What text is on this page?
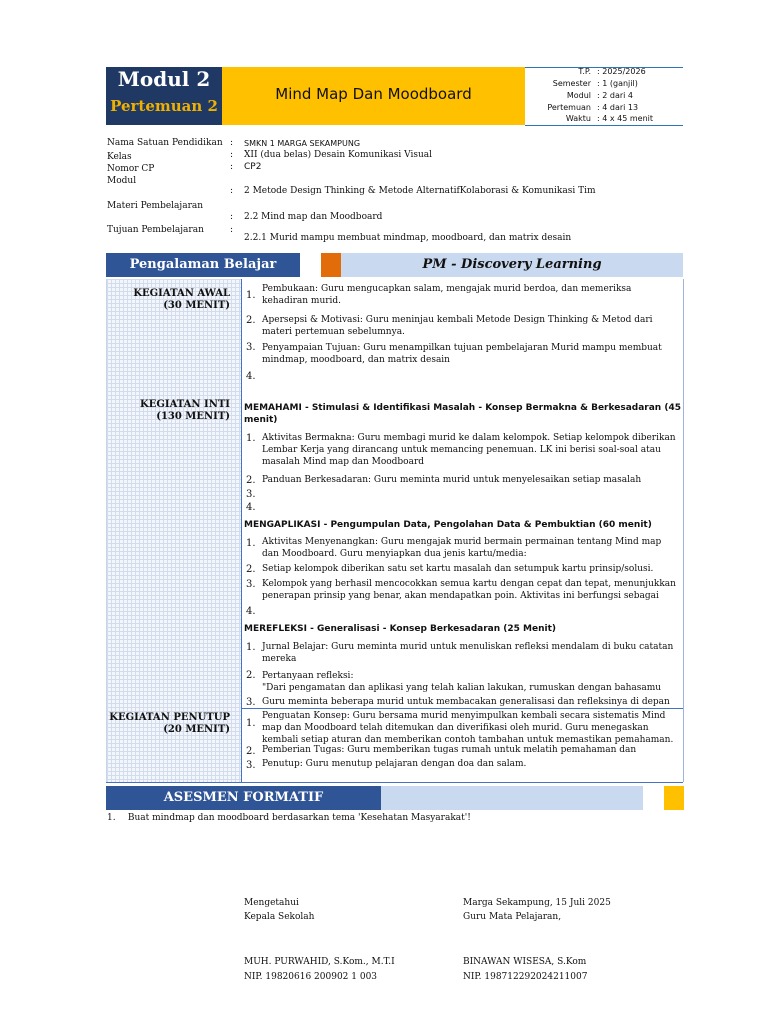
Modul 2
Pertemuan 2
Mind Map Dan Moodboard
T.P. : 2025/2026
Semester : 1 (ganjil)
Modul : 2 dari 4
Pertemuan : 4 dari 13
Waktu : 4 x 45 menit
Nama Satuan Pendidikan
Kelas
Nomor CP
Modul
Materi Pembelajaran
Tujuan Pembelajaran
:
:
:
:
:
:
SMKN 1 MARGA SEKAMPUNG
XII (dua belas) Desain Komunikasi Visual
CP2
2 Metode Design Thinking & Metode AlternatifKolaborasi & Komunikasi Tim
2.2 Mind map dan Moodboard
2.2.1 Murid mampu membuat mindmap, moodboard, dan matrix desain
Pengalaman Belajar	PM - Discovery Learning
KEGIATAN AWAL
(30 MENIT)
KEGIATAN INTI
(130 MENIT)
KEGIATAN PENUTUP
(20 MENIT)
1.
Pembukaan: Guru mengucapkan salam, mengajak murid berdoa, dan memeriksa
kehadiran murid.
2. Apersepsi & Motivasi: Guru meninjau kembali Metode Design Thinking & Metod dari
materi pertemuan sebelumnya.
3. Penyampaian Tujuan: Guru menampilkan tujuan pembelajaran Murid mampu membuat
mindmap, moodboard, dan matrix desain
4.
MEMAHAMI - Stimulasi & Identifikasi Masalah - Konsep Bermakna & Berkesadaran (45
menit)
1. Aktivitas Bermakna: Guru membagi murid ke dalam kelompok. Setiap kelompok diberikan
Lembar Kerja yang dirancang untuk memancing penemuan. LK ini berisi soal-soal atau
masalah Mind map dan Moodboard
2. Panduan Berkesadaran: Guru meminta murid untuk menyelesaikan setiap masalah
3.
4.
MENGAPLIKASI - Pengumpulan Data, Pengolahan Data & Pembuktian (60 menit)
1. Aktivitas Menyenangkan: Guru mengajak murid bermain permainan tentang Mind map
dan Moodboard. Guru menyiapkan dua jenis kartu/media:
2. Setiap kelompok diberikan satu set kartu masalah dan setumpuk kartu prinsip/solusi.
3. Kelompok yang berhasil mencocokkan semua kartu dengan cepat dan tepat, menunjukkan
penerapan prinsip yang benar, akan mendapatkan poin. Aktivitas ini berfungsi sebagai
4.
MEREFLEKSI - Generalisasi - Konsep Berkesadaran (25 Menit)
1. Jurnal Belajar: Guru meminta murid untuk menuliskan refleksi mendalam di buku catatan
mereka
2. Pertanyaan refleksi:
"Dari pengamatan dan aplikasi yang telah kalian lakukan, rumuskan dengan bahasamu
3. Guru meminta beberapa murid untuk membacakan generalisasi dan refleksinya di depan
1.
Penguatan Konsep: Guru bersama murid menyimpulkan kembali secara sistematis Mind
map dan Moodboard telah ditemukan dan diverifikasi oleh murid. Guru menegaskan
kembali setiap aturan dan memberikan contoh tambahan untuk memastikan pemahaman.
2. Pemberian Tugas: Guru memberikan tugas rumah untuk melatih pemahaman dan
3. Penutup: Guru menutup pelajaran dengan doa dan salam.
ASESMEN FORMATIF
1. Buat mindmap dan moodboard berdasarkan tema 'Kesehatan Masyarakat'!
Mengetahui
Kepala Sekolah
MUH. PURWAHID, S.Kom., M.T.I
NIP. 19820616 200902 1 003
Marga Sekampung, 15 Juli 2025
Guru Mata Pelajaran,
BINAWAN WISESA, S.Kom
NIP. 198712292024211007
